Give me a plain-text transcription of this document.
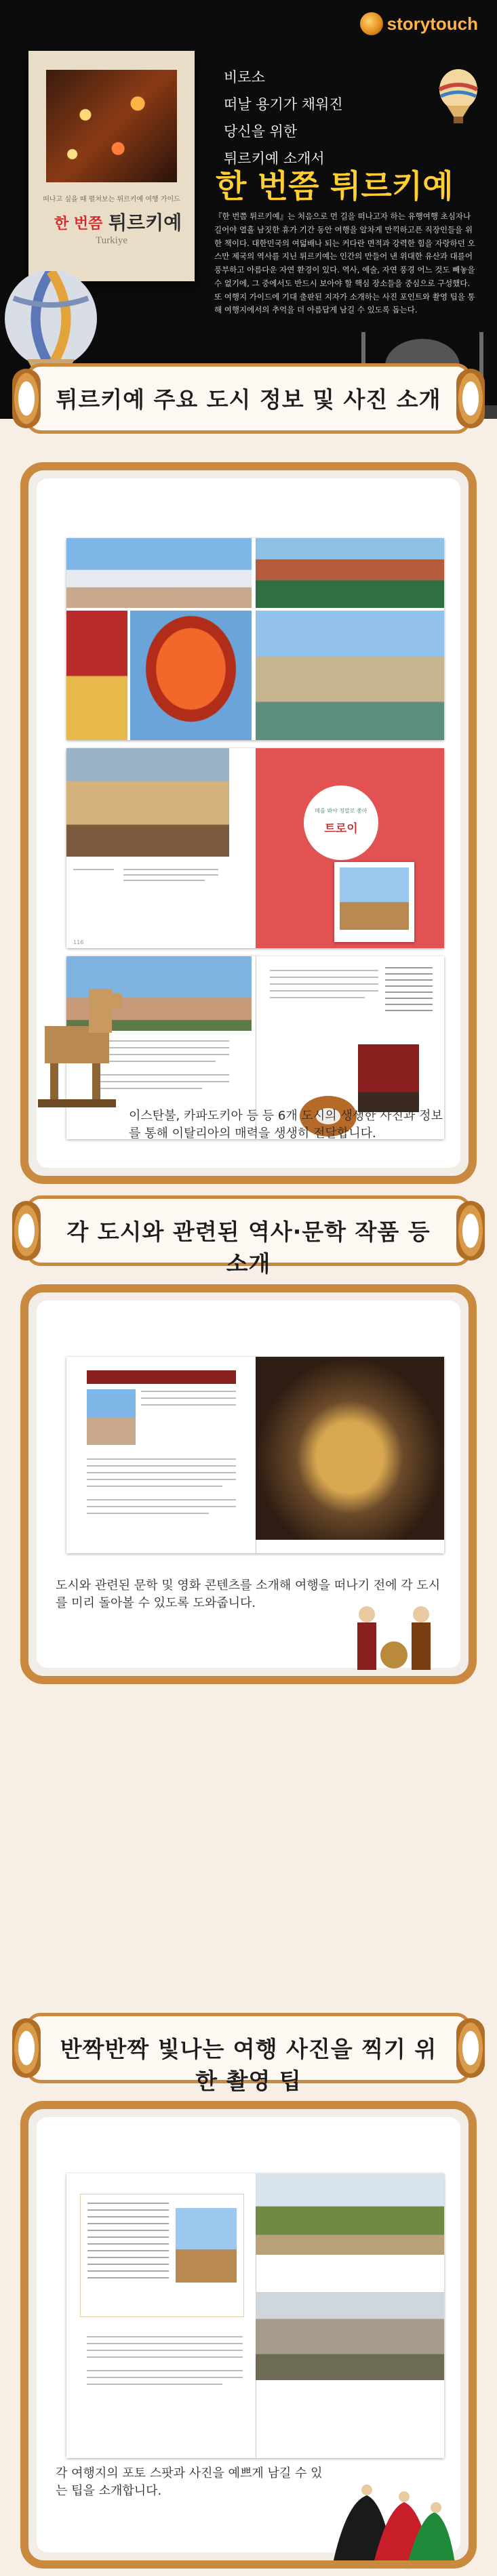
storytouch
떠나고 싶을 때 펼쳐보는 튀르키예 여행 가이드
한 번쯤 튀르키예
Turkiye
비로소
떠날 용기가 채워진
당신을 위한
튀르키예 소개서
한 번쯤 튀르키예
『한 번쯤 튀르키예』는 처음으로 먼 길을 떠나고자 하는 유행여행 초심자나 길어야 열흘 남짓한 휴가 기간 동안 여행을 알차게 만끽하고픈 직장인들을 위한 책이다. 대한민국의 여덟배나 되는 커다란 면적과 강력한 힘을 자랑하던 오스만 제국의 역사를 지닌 튀르키예는 인간의 만들어 낸 위대한 유산과 대를어 풍부하고 아름다운 자연 환경이 있다. 역사, 예술, 자연 풍경 어느 것도 빼놓을 수 없기에, 그 중에서도 반드시 보아야 할 핵심 장소들을 중심으로 구성했다. 또 여행지 가이드에 기대 출판된 지자가 소개하는 사진 포인트와 촬영 팁을 통해 여행지에서의 추억을 더 아름답게 남길 수 있도록 돕는다.
튀르키예 주요 도시 정보 및 사진 소개
116
메를 봐야 정말로 좋아
트로이
이스탄불, 카파도키아 등 등 6개 도시의 생생한 사진과 정보를 통해 이탈리아의 매력을 생생히 전달합니다.
각 도시와 관련된 역사·문학 작품 등 소개
도시와 관련된 문학 및 영화 콘텐츠를 소개해 여행을 떠나기 전에 각 도시를 미리 돌아볼 수 있도록 도와줍니다.
반짝반짝 빛나는 여행 사진을 찍기 위한 촬영 팁
각 여행지의 포토 스팟과 사진을 예쁘게 남길 수 있는 팁을 소개합니다.
